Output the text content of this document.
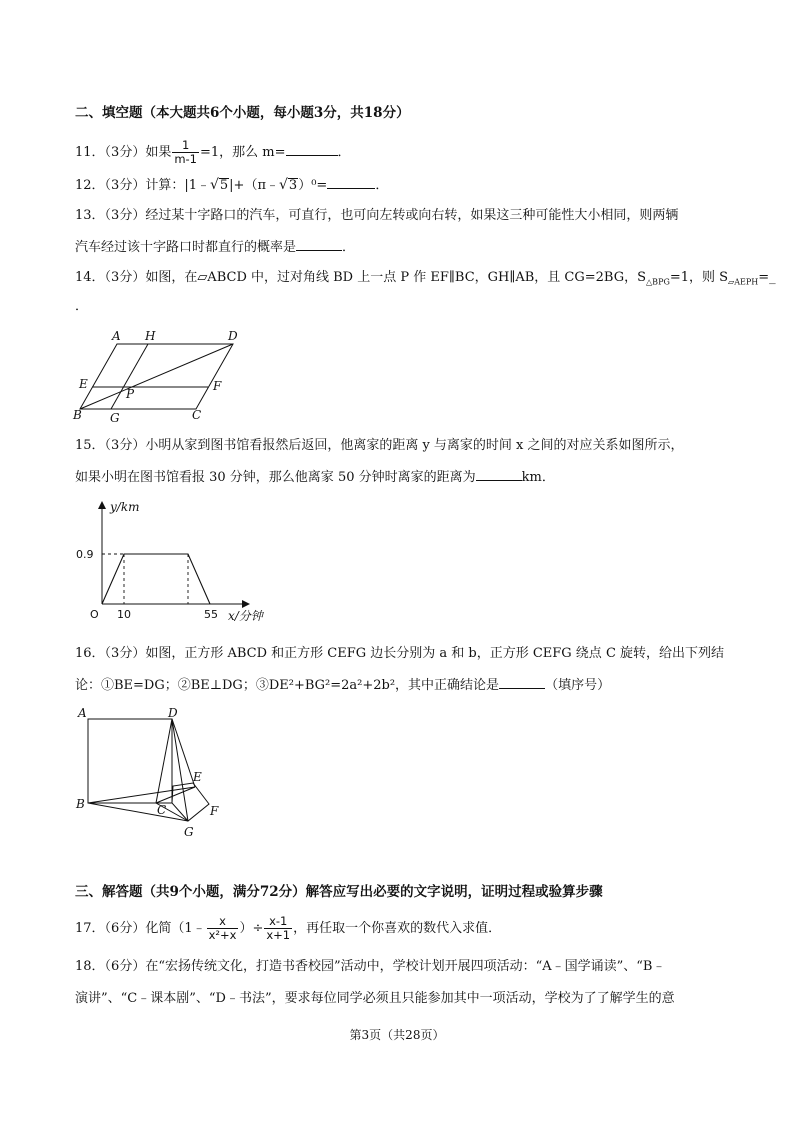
二、填空题（本大题共6个小题，每小题3分，共18分）
11．（3分）如果 $\frac{1}{m-1} =1$，那么 m=	．
12．（3分）计算：|1﹣√5|+（π﹣√3）⁰=	．
13．（3分）经过某十字路口的汽车，可直行，也可向左转或向右转，如果这三种可能性大小相同，则两辆
汽车经过该十字路口时都直行的概率是	．
14．（3分）如图，在▱ABCD 中，过对角线 BD 上一点 P 作 EF∥BC，GH∥AB，且 CG=2BG，$S_{\triangle BPG}=1$，则 $S_{▱AEPH}=\_$
．
A H	D
E
P
F
B G	C
15．（3分）小明从家到图书馆看报然后返回，他离家的距离 y 与离家的时间 x 之间的对应关系如图所示，
如果小明在图书馆看报 30 分钟，那么他离家 50 分钟时离家的距离为	km．
y/km
0.9
O 10	55 x/分钟
16．（3分）如图，正方形 ABCD 和正方形 CEFG 边长分别为 a 和 b，正方形 CEFG 绕点 C 旋转，给出下列结
论：①BE=DG；②BE⊥DG；③DE²+BG²=2a²+2b²，其中正确结论是	（填序号）
A	D
E
B	C	F
G
三、解答题（共9个小题，满分72分）解答应写出必要的文字说明，证明过程或验算步骤
17．（6分）化简（1﹣ $\frac{x}{\text{x²+x}}$ ）÷ $\frac{x-1}{x+1}$ ，再任取一个你喜欢的数代入求值．
18．（6分）在“宏扬传统文化，打造书香校园”活动中，学校计划开展四项活动：“A﹣国学诵读”、“B﹣
演讲”、“C﹣课本剧”、“D﹣书法”，要求每位同学必须且只能参加其中一项活动，学校为了了解学生的意
第3页（共28页）
